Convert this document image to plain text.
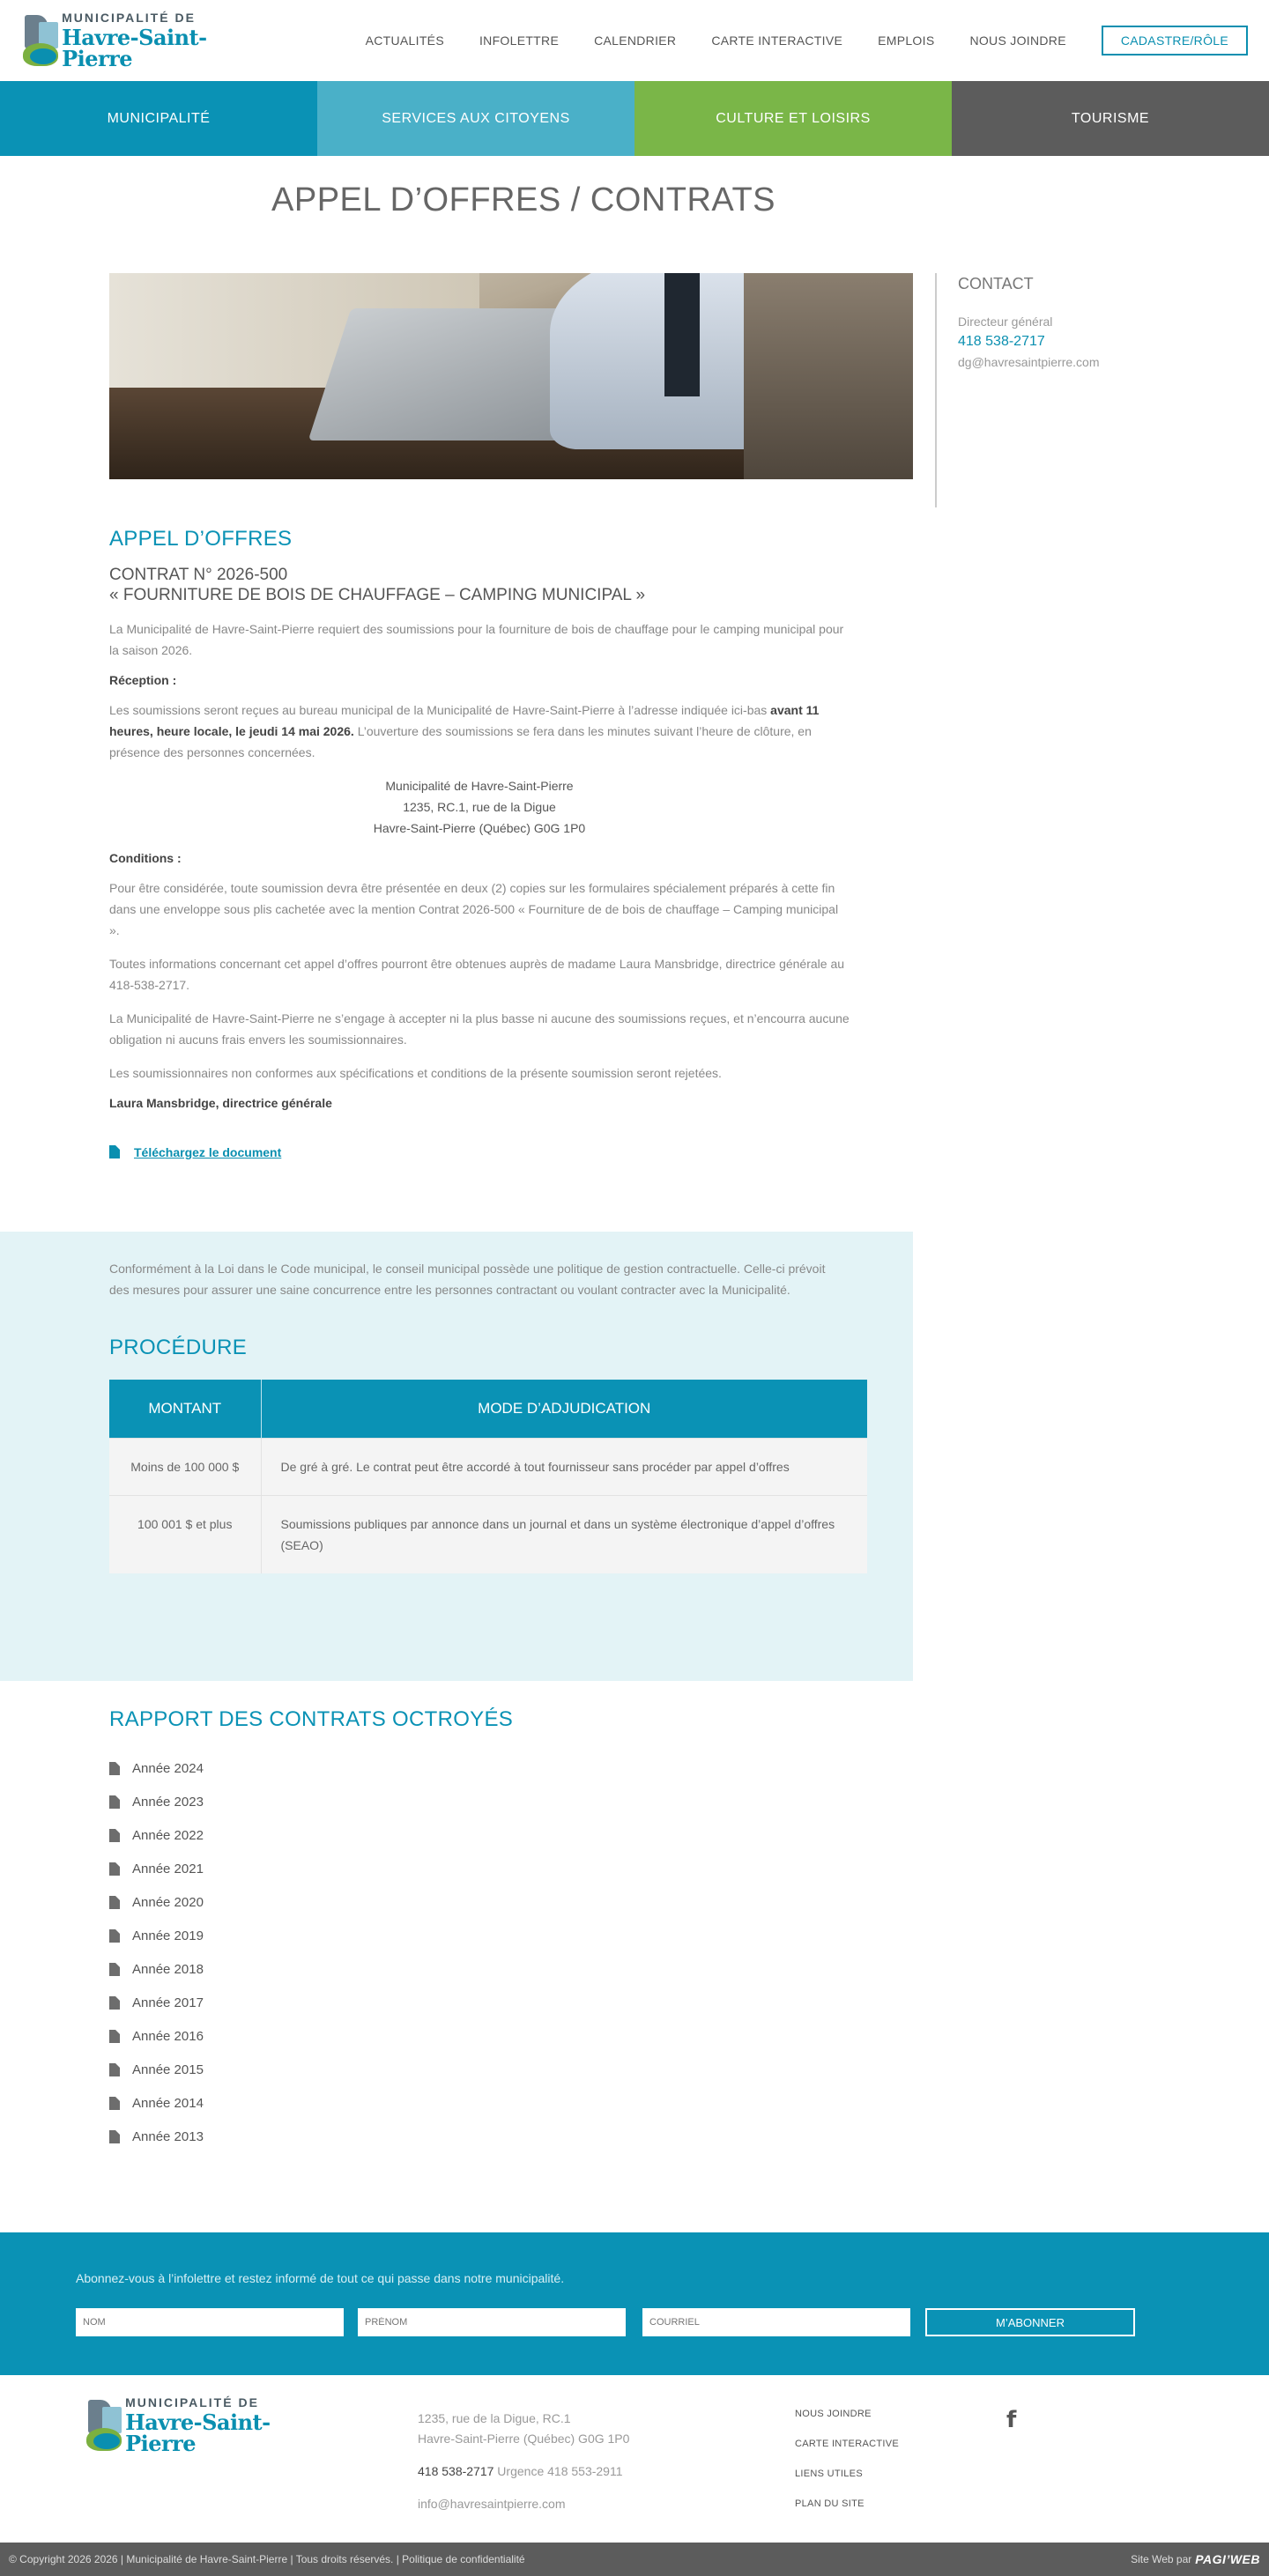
MUNICIPALITÉ DE
Havre-Saint-Pierre
ACTUALITÉS	INFOLETTRE	CALENDRIER	CARTE INTERACTIVE	EMPLOIS	NOUS JOINDRE	CADASTRE/RÔLE
MUNICIPALITÉ	SERVICES AUX CITOYENS	CULTURE ET LOISIRS	TOURISME
APPEL D’OFFRES / CONTRATS
APPEL D’OFFRES
CONTRAT N° 2026-500
« FOURNITURE DE BOIS DE CHAUFFAGE – CAMPING MUNICIPAL »

La Municipalité de Havre-Saint-Pierre requiert des soumissions pour la fourniture de bois de chauffage pour le camping municipal pour la saison 2026.

Réception :

Les soumissions seront reçues au bureau municipal de la Municipalité de Havre-Saint-Pierre à l’adresse indiquée ici-bas avant 11 heures, heure locale, le jeudi 14 mai 2026. L’ouverture des soumissions se fera dans les minutes suivant l’heure de clôture, en présence des personnes concernées.

Municipalité de Havre-Saint-Pierre
1235, RC.1, rue de la Digue
Havre-Saint-Pierre (Québec) G0G 1P0
Conditions :

Pour être considérée, toute soumission devra être présentée en deux (2) copies sur les formulaires spécialement préparés à cette fin dans une enveloppe sous plis cachetée avec la mention Contrat 2026-500 « Fourniture de de bois de chauffage – Camping municipal ».

Toutes informations concernant cet appel d’offres pourront être obtenues auprès de madame Laura Mansbridge, directrice générale au 418-538-2717.

La Municipalité de Havre-Saint-Pierre ne s’engage à accepter ni la plus basse ni aucune des soumissions reçues, et n’encourra aucune obligation ni aucuns frais envers les soumissionnaires.

Les soumissionnaires non conformes aux spécifications et conditions de la présente soumission seront rejetées.

Laura Mansbridge, directrice générale

Téléchargez le document
CONTACT
Directeur général
418 538-2717
dg@havresaintpierre.com

Conformément à la Loi dans le Code municipal, le conseil municipal possède une politique de gestion contractuelle. Celle-ci prévoit des mesures pour assurer une saine concurrence entre les personnes contractant ou voulant contracter avec la Municipalité.

PROCÉDURE
MONTANT	MODE D’ADJUDICATION
Moins de 100 000 $	De gré à gré. Le contrat peut être accordé à tout fournisseur sans procéder par appel d’offres
100 001 $ et plus	Soumissions publiques par annonce dans un journal et dans un système électronique d’appel d’offres (SEAO)
RAPPORT DES CONTRATS OCTROYÉS
Année 2024
Année 2023
Année 2022
Année 2021
Année 2020
Année 2019
Année 2018
Année 2017
Année 2016
Année 2015
Année 2014
Année 2013

Abonnez-vous à l’infolettre et restez informé de tout ce qui passe dans notre municipalité.

NOM
PRÉNOM
COURRIEL
M’ABONNER
MUNICIPALITÉ DE
Havre-Saint-Pierre
1235, rue de la Digue, RC.1
Havre-Saint-Pierre (Québec) G0G 1P0
418 538-2717 Urgence 418 553-2911
info@havresaintpierre.com
NOUS JOINDRE
CARTE INTERACTIVE
LIENS UTILES
PLAN DU SITE
f
© Copyright 2026 2026 | Municipalité de Havre-Saint-Pierre | Tous droits réservés. | Politique de confidentialité	Site Web par PAGI’WEB
